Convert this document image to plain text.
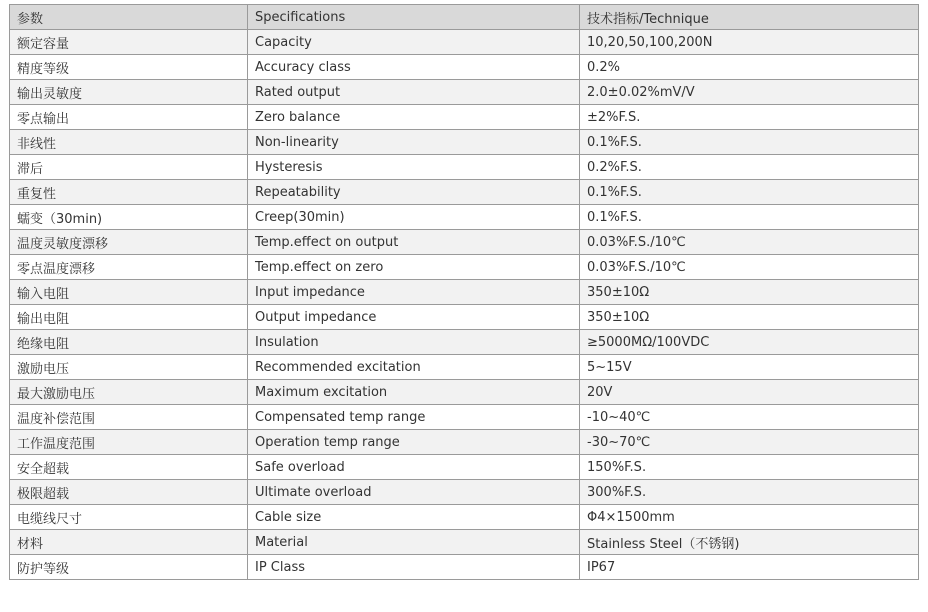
参数	Specifications	技术指标/Technique
额定容量	Capacity	10,20,50,100,200N
精度等级	Accuracy class	0.2%
输出灵敏度	Rated output	2.0±0.02%mV/V
零点输出	Zero balance	±2%F.S.
非线性	Non-linearity	0.1%F.S.
滞后	Hysteresis	0.2%F.S.
重复性	Repeatability	0.1%F.S.
蠕变（30min)	Creep(30min)	0.1%F.S.
温度灵敏度漂移	Temp.effect on output	0.03%F.S./10℃
零点温度漂移	Temp.effect on zero	0.03%F.S./10℃
输入电阻	Input impedance	350±10Ω
输出电阻	Output impedance	350±10Ω
绝缘电阻	Insulation	≥5000MΩ/100VDC
激励电压	Recommended excitation	5~15V
最大激励电压	Maximum excitation	20V
温度补偿范围	Compensated temp range	-10~40℃
工作温度范围	Operation temp range	-30~70℃
安全超载	Safe overload	150%F.S.
极限超载	Ultimate overload	300%F.S.
电缆线尺寸	Cable size	Φ4×1500mm
材料	Material	Stainless Steel（不锈钢)
防护等级	IP Class	IP67
